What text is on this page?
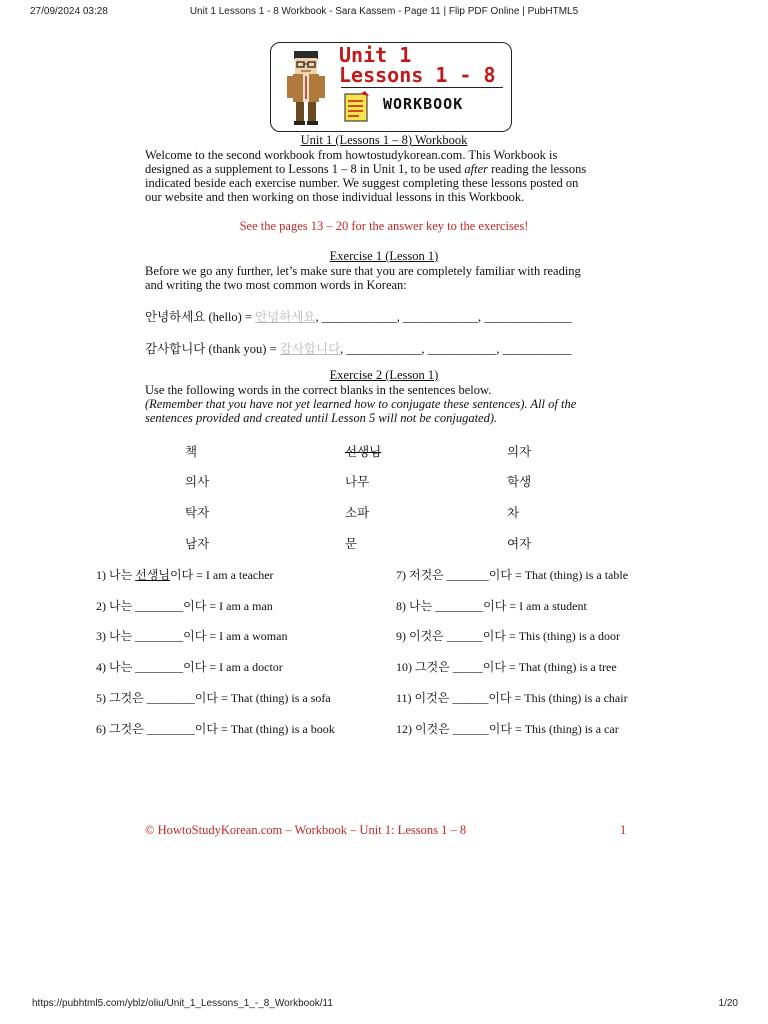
27/09/2024 03:28	Unit 1 Lessons 1 - 8 Workbook - Sara Kassem - Page 11 | Flip PDF Online | PubHTML5
Unit 1
Lessons 1 - 8
WORKBOOK
Unit 1 (Lessons 1 – 8) Workbook
Welcome to the second workbook from howtostudykorean.com. This Workbook is
designed as a supplement to Lessons 1 – 8 in Unit 1, to be used after reading the lessons
indicated beside each exercise number. We suggest completing these lessons posted on
our website and then working on those individual lessons in this Workbook.
See the pages 13 – 20 for the answer key to the exercises!
Exercise 1 (Lesson 1)
Before we go any further, let’s make sure that you are completely familiar with reading
and writing the two most common words in Korean:
안녕하세요 (hello) = 안녕하세요, ____________, ____________, ______________
감사합니다 (thank you) = 감사합니다, ____________, ___________, ___________
Exercise 2 (Lesson 1)
Use the following words in the correct blanks in the sentences below.
(Remember that you have not yet learned how to conjugate these sentences). All of the
sentences provided and created until Lesson 5 will not be conjugated).
책	선생님	의자
의사	나무	학생
탁자	소파	차
남자	문	여자
1) 나는 선생님이다 = I am a teacher
2) 나는 ________이다 = I am a man
3) 나는 ________이다 = I am a woman
4) 나는 ________이다 = I am a doctor
5) 그것은 ________이다 = That (thing) is a sofa
6) 그것은 ________이다 = That (thing) is a book
7) 저것은 _______이다 = That (thing) is a table
8) 나는 ________이다 = I am a student
9) 이것은 ______이다 = This (thing) is a door
10) 그것은 _____이다 = That (thing) is a tree
11) 이것은 ______이다 = This (thing) is a chair
12) 이것은 ______이다 = This (thing) is a car
© HowtoStudyKorean.com – Workbook – Unit 1: Lessons 1 – 8	1
https://pubhtml5.com/yblz/oliu/Unit_1_Lessons_1_-_8_Workbook/11	1/20
